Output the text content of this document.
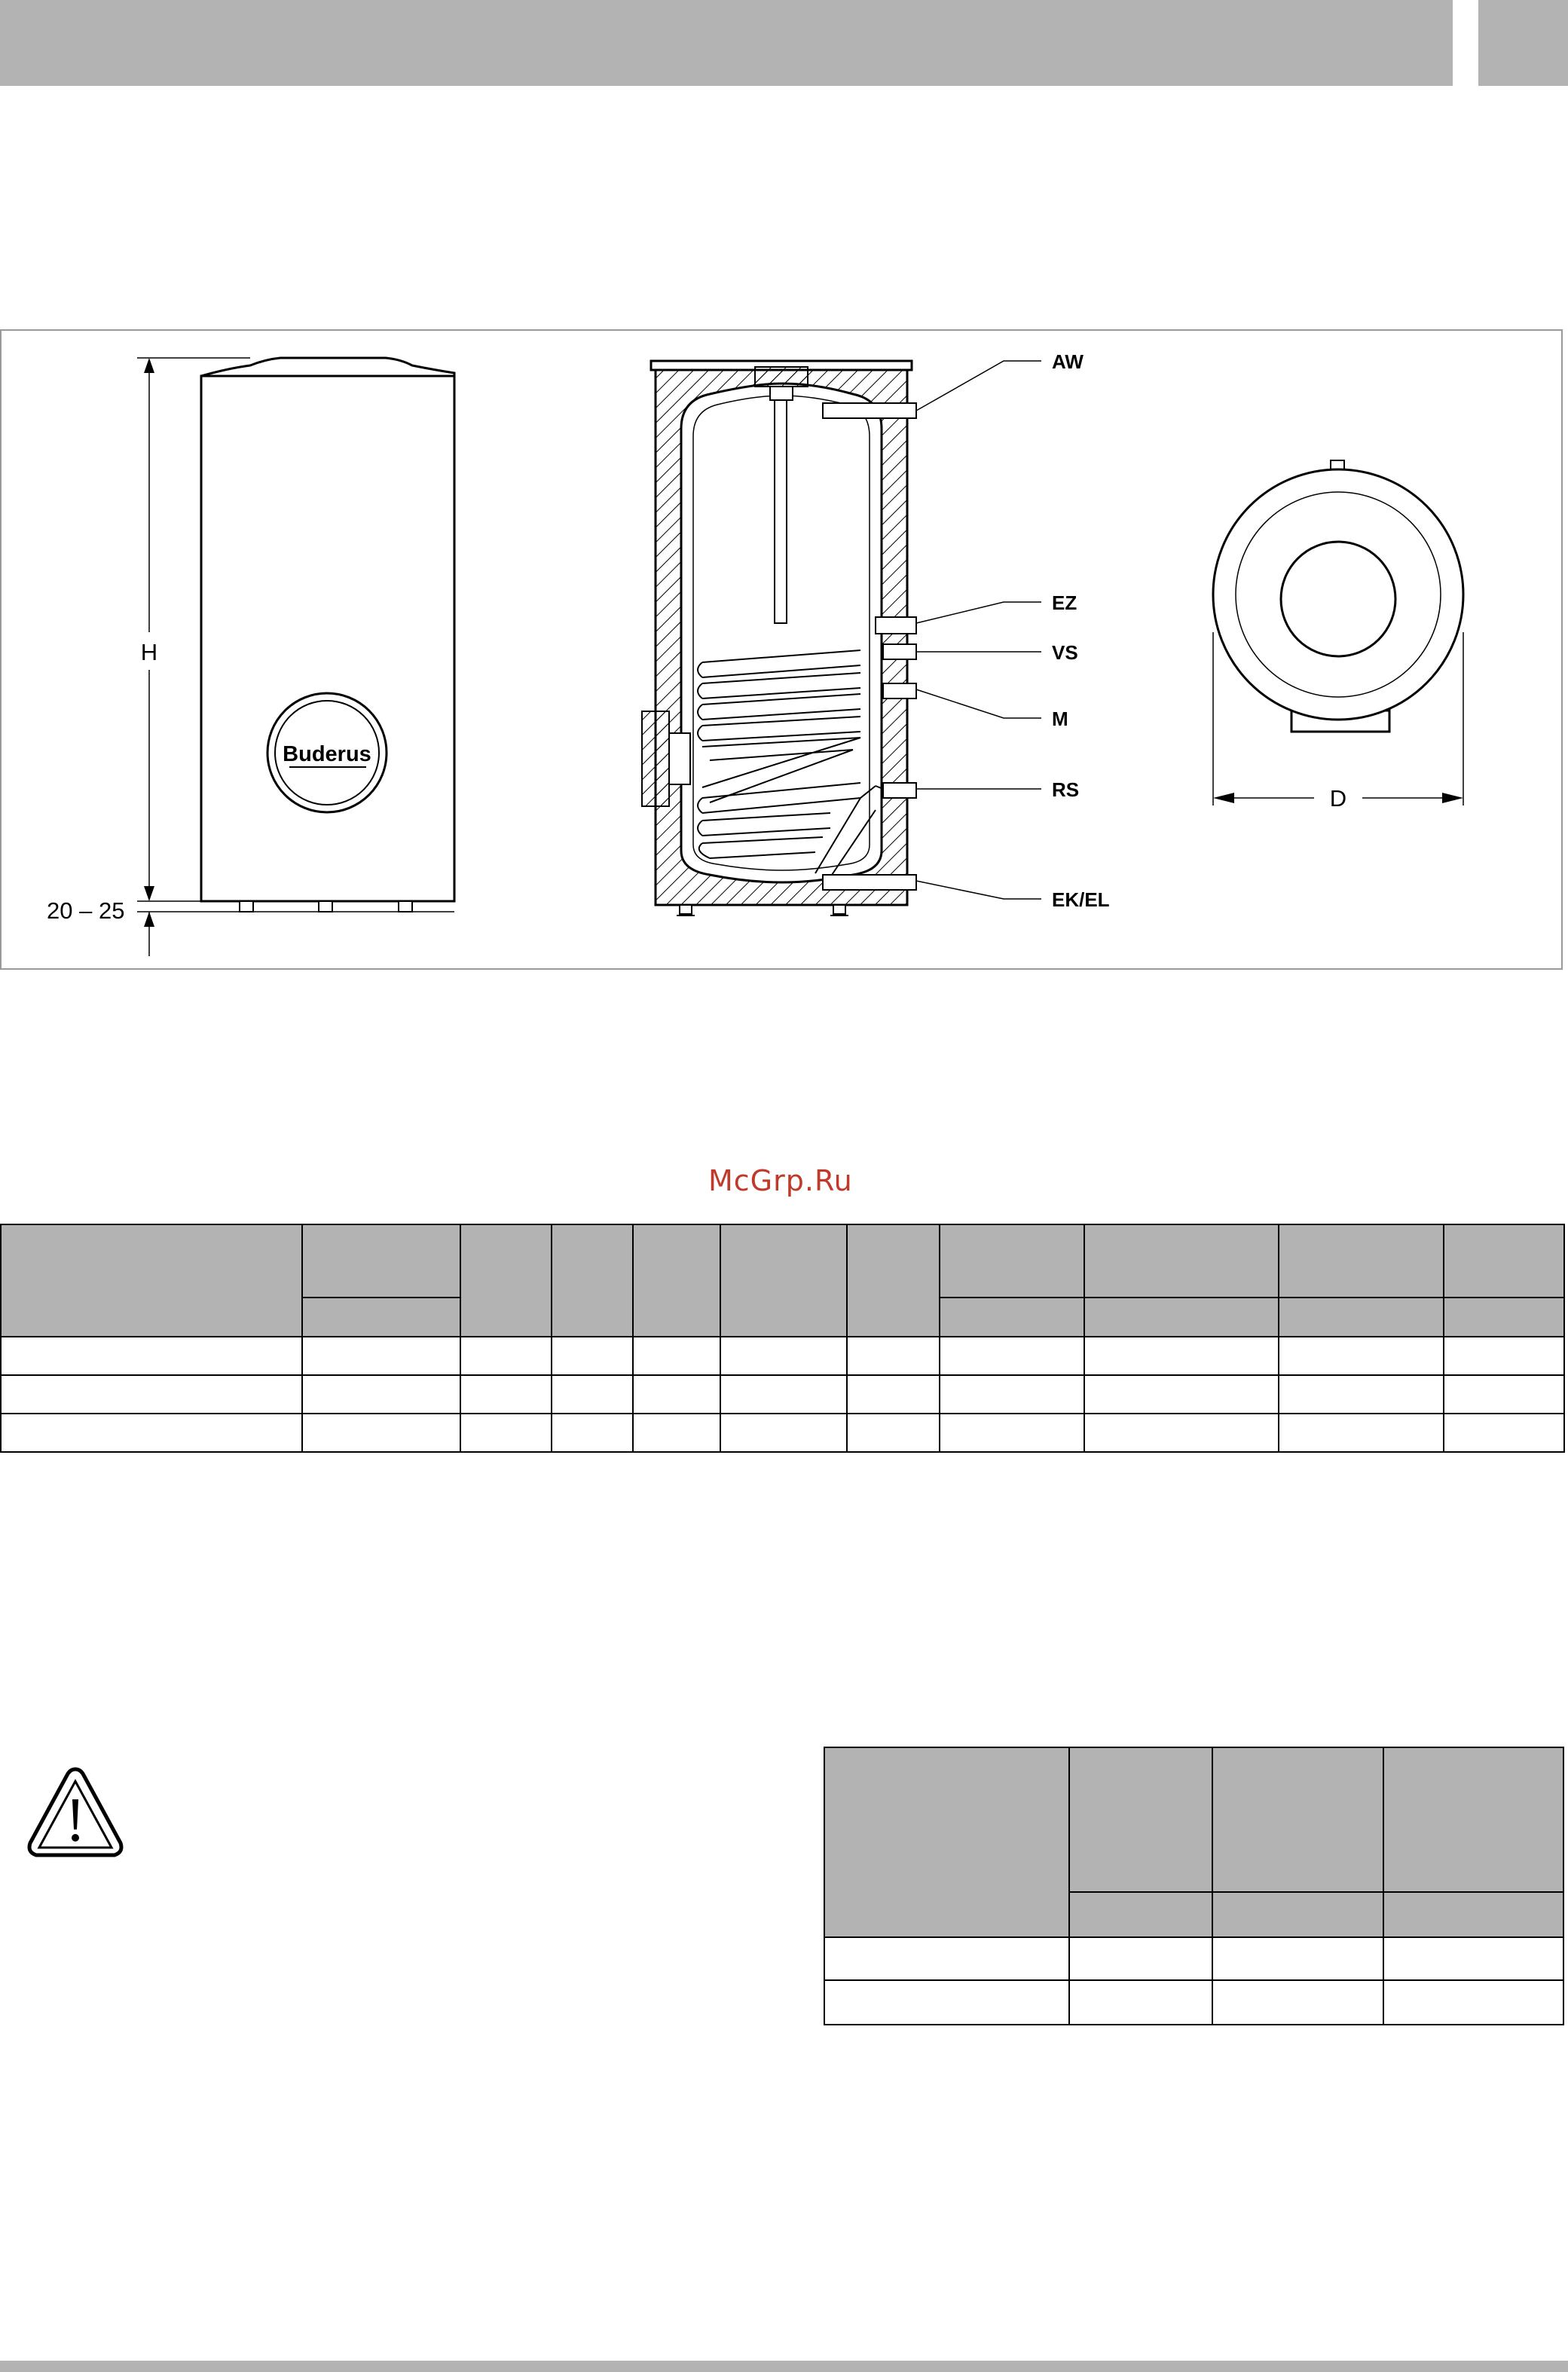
Buderus
H
20 – 25
AW
EZ
VS
M
RS
EK/EL
D
McGrp.Ru
